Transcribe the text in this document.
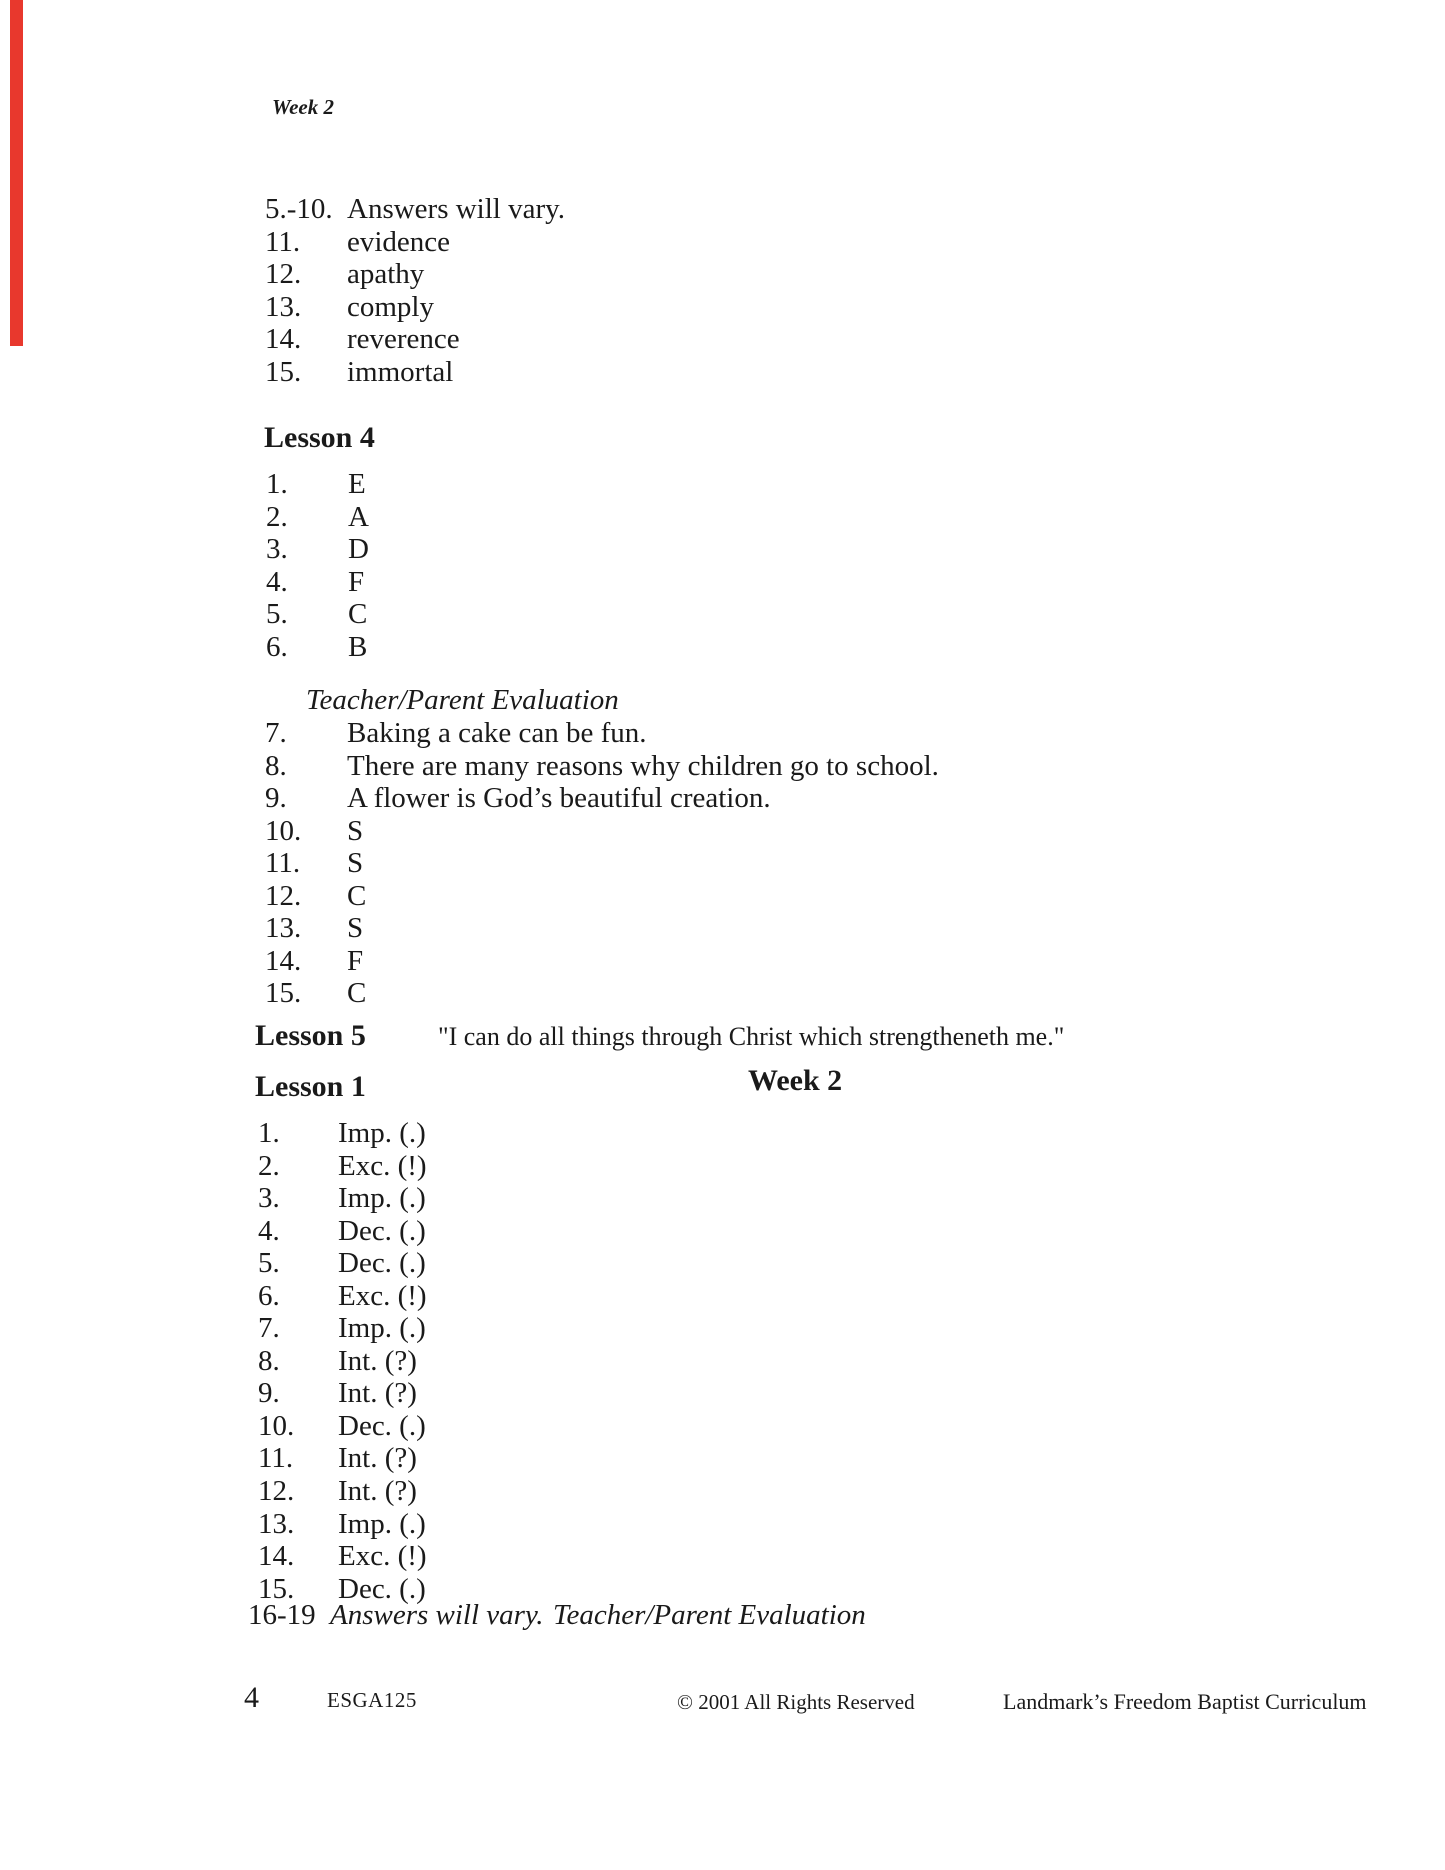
Week 2
5.-10. Answers will vary.
11. evidence
12. apathy
13. comply
14. reverence
15. immortal
Lesson 4
1. E
2. A
3. D
4. F
5. C
6. B
Teacher/Parent Evaluation
7. Baking a cake can be fun.
8. There are many reasons why children go to school.
9. A flower is God’s beautiful creation.
10. S
11. S
12. C
13. S
14. F
15. C
Lesson 5	"I can do all things through Christ which strengtheneth me."
Lesson 1	Week 2
1. Imp. (.)
2. Exc. (!)
3. Imp. (.)
4. Dec. (.)
5. Dec. (.)
6. Exc. (!)
7. Imp. (.)
8. Int. (?)
9. Int. (?)
10. Dec. (.)
11. Int. (?)
12. Int. (?)
13. Imp. (.)
14. Exc. (!)
15. Dec. (.)
16-19 Answers will vary. Teacher/Parent Evaluation
4	ESGA125	© 2001 All Rights Reserved	Landmark’s Freedom Baptist Curriculum
